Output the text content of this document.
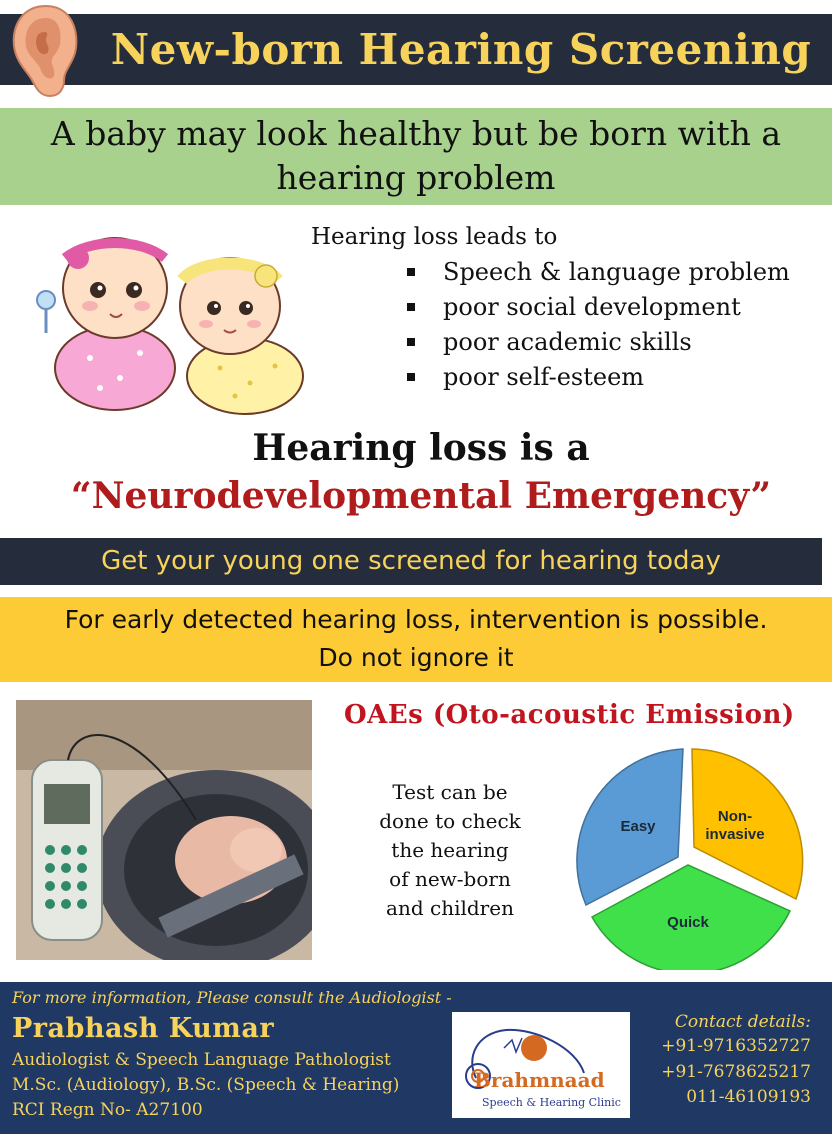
New-born Hearing Screening
A baby may look healthy but be born with a
hearing problem
Hearing loss leads to
Speech & language problem
poor social development
poor academic skills
poor self-esteem
Hearing loss is a
“Neurodevelopmental Emergency”
Get your young one screened for hearing today
For early detected hearing loss, intervention is possible.
Do not ignore it
OAEs (Oto-acoustic Emission)
Test can be
done to check
the hearing
of new-born
and children
Easy
Non-invasive
Quick
For more information, Please consult the Audiologist -
Prabhash Kumar
Audiologist & Speech Language Pathologist
M.Sc. (Audiology), B.Sc. (Speech & Hearing)
RCI Regn No- A27100
Brahmnaad
Speech & Hearing Clinic
Contact details:
+91-9716352727
+91-7678625217
011-46109193
